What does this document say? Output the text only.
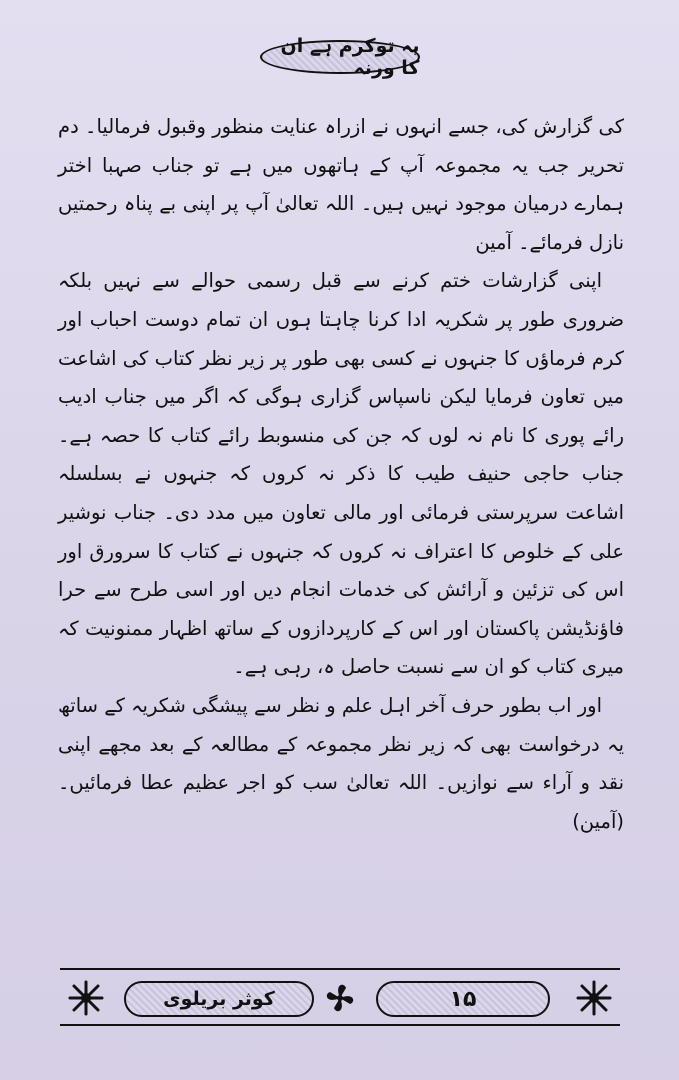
یہ توکرم ہے ان کا ورنہ

کی گزارش کی، جسے انہوں نے ازراہ عنایت منظور وقبول فرمالیا۔ دم تحریر جب یہ مجموعہ آپ کے ہاتھوں میں ہے تو جناب صہبا اختر ہمارے درمیان موجود نہیں ہیں۔ اللہ تعالیٰ آپ پر اپنی بے پناہ رحمتیں نازل فرمائے۔ آمین

اپنی گزارشات ختم کرنے سے قبل رسمی حوالے سے نہیں بلکہ ضروری طور پر شکریہ ادا کرنا چاہتا ہوں ان تمام دوست احباب اور کرم فرماؤں کا جنہوں نے کسی بھی طور پر زیر نظر کتاب کی اشاعت میں تعاون فرمایا لیکن ناسپاس گزاری ہوگی کہ اگر میں جناب ادیب رائے پوری کا نام نہ لوں کہ جن کی منسوبط رائے کتاب کا حصہ ہے۔ جناب حاجی حنیف طیب کا ذکر نہ کروں کہ جنہوں نے بسلسلہ اشاعت سرپرستی فرمائی اور مالی تعاون میں مدد دی۔ جناب نوشیر علی کے خلوص کا اعتراف نہ کروں کہ جنہوں نے کتاب کا سرورق اور اس کی تزئین و آرائش کی خدمات انجام دیں اور اسی طرح سے حرا فاؤنڈیشن پاکستان اور اس کے کارپردازوں کے ساتھ اظہار ممنونیت کہ میری کتاب کو ان سے نسبت حاصل ہ، رہی ہے۔

اور اب بطور حرف آخر اہل علم و نظر سے پیشگی شکریہ کے ساتھ یہ درخواست بھی کہ زیر نظر مجموعہ کے مطالعہ کے بعد مجھے اپنی نقد و آراء سے نوازیں۔ اللہ تعالیٰ سب کو اجر عظیم عطا فرمائیں۔ (آمین)

کوثر بریلوی	۱۵
